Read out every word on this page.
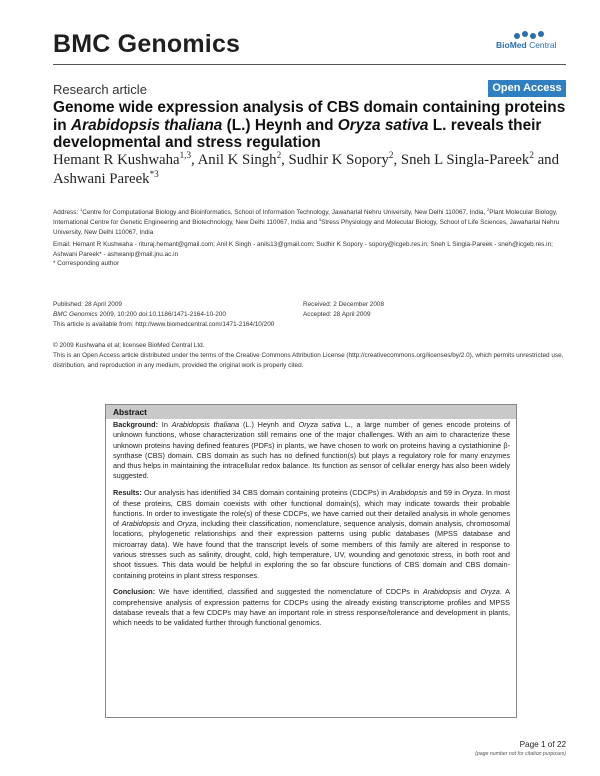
BMC Genomics	BioMed Central
Research article	Open Access
Genome wide expression analysis of CBS domain containing proteins in Arabidopsis thaliana (L.) Heynh and Oryza sativa L. reveals their developmental and stress regulation
Hemant R Kushwaha$^{1,3}$, Anil K Singh$^2$, Sudhir K Sopory$^2$, Sneh L Singla-Pareek$^2$ and Ashwani Pareek$^{*3}$
Address: $^1$Centre for Computational Biology and Bioinformatics, School of Information Technology, Jawaharlal Nehru University, New Delhi 110067, India, $^2$Plant Molecular Biology, International Centre for Genetic Engineering and Biotechnology, New Delhi 110067, India and $^3$Stress Physiology and Molecular Biology, School of Life Sciences, Jawaharlal Nehru University, New Delhi 110067, India
Email: Hemant R Kushwaha - rituraj.hemant@gmail.com; Anil K Singh - anils13@gmail.com; Sudhir K Sopory - sopory@icgeb.res.in; Sneh L Singla-Pareek - sneh@icgeb.res.in; Ashwani Pareek* - ashwanip@mail.jnu.ac.in
* Corresponding author
Published: 28 April 2009	Received: 2 December 2008
BMC Genomics 2009, 10:200 doi:10.1186/1471-2164-10-200	Accepted: 28 April 2009
This article is available from: http://www.biomedcentral.com/1471-2164/10/200
© 2009 Kushwaha et al; licensee BioMed Central Ltd.
This is an Open Access article distributed under the terms of the Creative Commons Attribution License (http://creativecommons.org/licenses/by/2.0), which permits unrestricted use, distribution, and reproduction in any medium, provided the original work is properly cited.
Abstract

Background: In Arabidopsis thaliana (L.) Heynh and Oryza sativa L., a large number of genes encode proteins of unknown functions, whose characterization still remains one of the major challenges. With an aim to characterize these unknown proteins having defined features (PDFs) in plants, we have chosen to work on proteins having a cystathionine β-synthase (CBS) domain. CBS domain as such has no defined function(s) but plays a regulatory role for many enzymes and thus helps in maintaining the intracellular redox balance. Its function as sensor of cellular energy has also been widely suggested.

Results: Our analysis has identified 34 CBS domain containing proteins (CDCPs) in Arabidopsis and 59 in Oryza. In most of these proteins, CBS domain coexists with other functional domain(s), which may indicate towards their probable functions. In order to investigate the role(s) of these CDCPs, we have carried out their detailed analysis in whole genomes of Arabidopsis and Oryza, including their classification, nomenclature, sequence analysis, domain analysis, chromosomal locations, phylogenetic relationships and their expression patterns using public databases (MPSS database and microarray data). We have found that the transcript levels of some members of this family are altered in response to various stresses such as salinity, drought, cold, high temperature, UV, wounding and genotoxic stress, in both root and shoot tissues. This data would be helpful in exploring the so far obscure functions of CBS domain and CBS domain-containing proteins in plant stress responses.

Conclusion: We have identified, classified and suggested the nomenclature of CDCPs in Arabidopsis and Oryza. A comprehensive analysis of expression patterns for CDCPs using the already existing transcriptome profiles and MPSS database reveals that a few CDCPs may have an important role in stress response/tolerance and development in plants, which needs to be validated further through functional genomics.

Page 1 of 22
(page number not for citation purposes)
